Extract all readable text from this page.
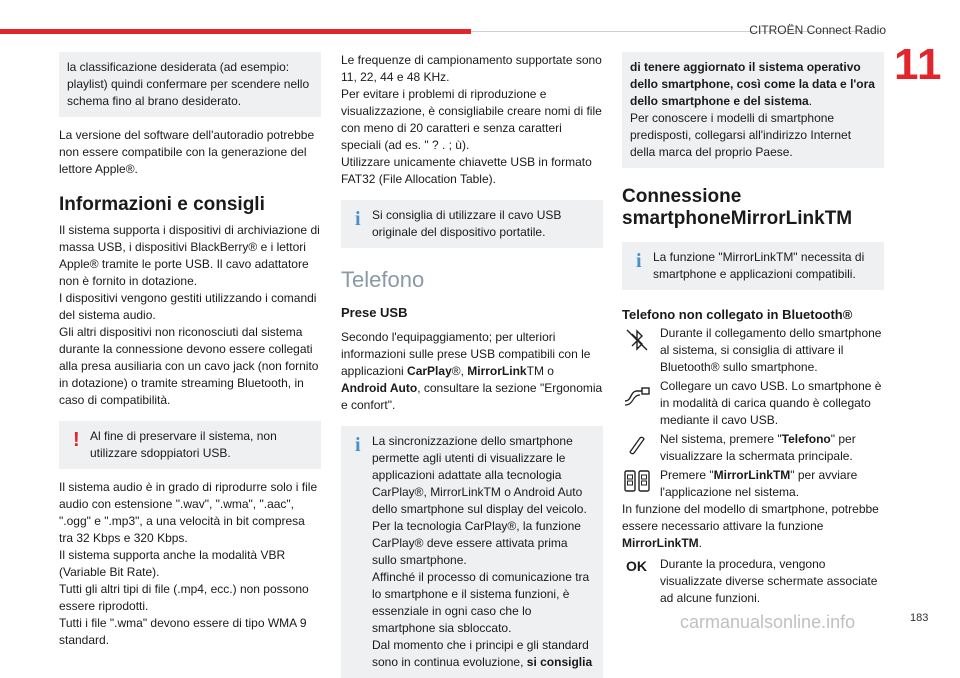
CITROËN Connect Radio
11
la classificazione desiderata (ad esempio: playlist) quindi confermare per scendere nello schema fino al brano desiderato.

La versione del software dell'autoradio potrebbe non essere compatibile con la generazione del lettore Apple®.

Informazioni e consigli

Il sistema supporta i dispositivi di archiviazione di massa USB, i dispositivi BlackBerry® e i lettori Apple® tramite le porte USB. Il cavo adattatore non è fornito in dotazione.

I dispositivi vengono gestiti utilizzando i comandi del sistema audio.

Gli altri dispositivi non riconosciuti dal sistema durante la connessione devono essere collegati alla presa ausiliaria con un cavo jack (non fornito in dotazione) o tramite streaming Bluetooth, in caso di compatibilità.

! Al fine di preservare il sistema, non utilizzare sdoppiatori USB.

Il sistema audio è in grado di riprodurre solo i file audio con estensione ".wav", ".wma", ".aac", ".ogg" e ".mp3", a una velocità in bit compresa tra 32 Kbps e 320 Kbps.

Il sistema supporta anche la modalità VBR (Variable Bit Rate).

Tutti gli altri tipi di file (.mp4, ecc.) non possono essere riprodotti.

Tutti i file ".wma" devono essere di tipo WMA 9 standard.

Le frequenze di campionamento supportate sono 11, 22, 44 e 48 KHz.

Per evitare i problemi di riproduzione e visualizzazione, è consigliabile creare nomi di file con meno di 20 caratteri e senza caratteri speciali (ad es. " ? . ; ù).

Utilizzare unicamente chiavette USB in formato FAT32 (File Allocation Table).

i Si consiglia di utilizzare il cavo USB originale del dispositivo portatile.
Telefono
Prese USB

Secondo l'equipaggiamento; per ulteriori informazioni sulle prese USB compatibili con le applicazioni CarPlay®, MirrorLinkTM o Android Auto, consultare la sezione "Ergonomia e confort".

i La sincronizzazione dello smartphone permette agli utenti di visualizzare le applicazioni adattate alla tecnologia CarPlay®, MirrorLinkTM o Android Auto dello smartphone sul display del veicolo. Per la tecnologia CarPlay®, la funzione CarPlay® deve essere attivata prima sullo smartphone.

Affinché il processo di comunicazione tra lo smartphone e il sistema funzioni, è essenziale in ogni caso che lo smartphone sia sbloccato.

Dal momento che i principi e gli standard sono in continua evoluzione, si consiglia

di tenere aggiornato il sistema operativo dello smartphone, così come la data e l'ora dello smartphone e del sistema.

Per conoscere i modelli di smartphone predisposti, collegarsi all'indirizzo Internet della marca del proprio Paese.

Connessione smartphoneMirrorLinkTM
i La funzione "MirrorLinkTM" necessita di smartphone e applicazioni compatibili.
Telefono non collegato in Bluetooth®
Durante il collegamento dello smartphone al sistema, si consiglia di attivare il Bluetooth® sullo smartphone.
Collegare un cavo USB. Lo smartphone è in modalità di carica quando è collegato mediante il cavo USB.
Nel sistema, premere "Telefono" per visualizzare la schermata principale.
Premere "MirrorLinkTM" per avviare l'applicazione nel sistema.

In funzione del modello di smartphone, potrebbe essere necessario attivare la funzione MirrorLinkTM.

OK Durante la procedura, vengono visualizzate diverse schermate associate ad alcune funzioni.
carmanualsonline.info	183
